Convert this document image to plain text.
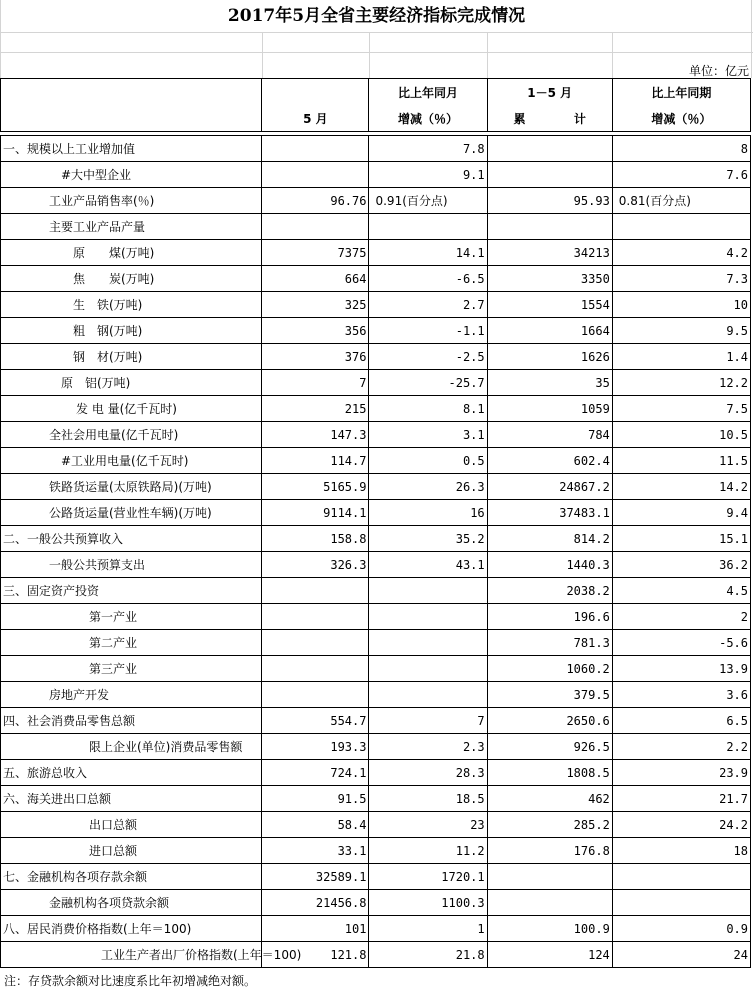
2017年5月全省主要经济指标完成情况
单位：亿元
		比上年同月	1－5 月	比上年同期
	5 月	增减（％）	累 计	增减（％）
一、规模以上工业增加值		7.8		8
#大中型企业		9.1		7.6
工业产品销售率(％)	96.76	0.91(百分点)	95.93	0.81(百分点)
主要工业产品产量				
原　　煤(万吨)	7375	14.1	34213	4.2
焦　　炭(万吨)	664	-6.5	3350	7.3
生　铁(万吨)	325	2.7	1554	10
粗　钢(万吨)	356	-1.1	1664	9.5
钢　材(万吨)	376	-2.5	1626	1.4
原　铝(万吨)	7	-25.7	35	12.2
发 电 量(亿千瓦时)	215	8.1	1059	7.5
全社会用电量(亿千瓦时)	147.3	3.1	784	10.5
#工业用电量(亿千瓦时)	114.7	0.5	602.4	11.5
铁路货运量(太原铁路局)(万吨)	5165.9	26.3	24867.2	14.2
公路货运量(营业性车辆)(万吨)	9114.1	16	37483.1	9.4
二、一般公共预算收入	158.8	35.2	814.2	15.1
一般公共预算支出	326.3	43.1	1440.3	36.2
三、固定资产投资			2038.2	4.5
第一产业			196.6	2
第二产业			781.3	-5.6
第三产业			1060.2	13.9
房地产开发			379.5	3.6
四、社会消费品零售总额	554.7	7	2650.6	6.5
限上企业(单位)消费品零售额	193.3	2.3	926.5	2.2
五、旅游总收入	724.1	28.3	1808.5	23.9
六、海关进出口总额	91.5	18.5	462	21.7
出口总额	58.4	23	285.2	24.2
进口总额	33.1	11.2	176.8	18
七、金融机构各项存款余额	32589.1	1720.1		
金融机构各项贷款余额	21456.8	1100.3		
八、居民消费价格指数(上年＝100)	101	1	100.9	0.9
工业生产者出厂价格指数(上年＝100)	121.8	21.8	124	24
注：存贷款余额对比速度系比年初增减绝对额。
